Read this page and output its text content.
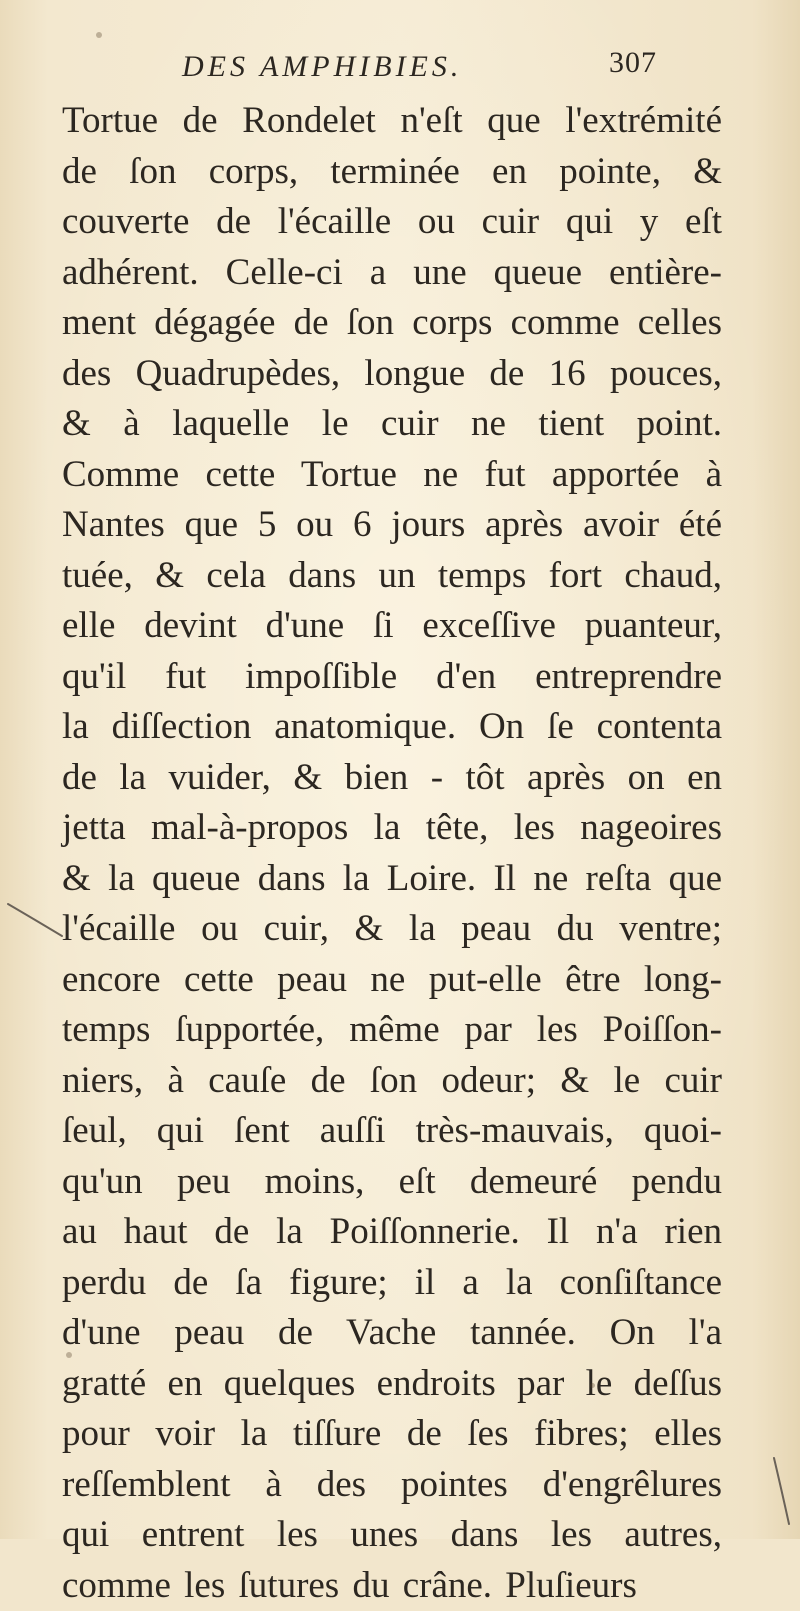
DES AMPHIBIES.	307
Tortue de Rondelet n'eſt que l'extrémité
de ſon corps, terminée en pointe, &
couverte de l'écaille ou cuir qui y eſt
adhérent. Celle-ci a une queue entière-
ment dégagée de ſon corps comme celles
des Quadrupèdes, longue de 16 pouces,
& à laquelle le cuir ne tient point.
Comme cette Tortue ne fut apportée à
Nantes que 5 ou 6 jours après avoir été
tuée, & cela dans un temps fort chaud,
elle devint d'une ſi exceſſive puanteur,
qu'il fut impoſſible d'en entreprendre
la diſſection anatomique. On ſe contenta
de la vuider, & bien - tôt après on en
jetta mal-à-propos la tête, les nageoires
& la queue dans la Loire. Il ne reſta que
l'écaille ou cuir, & la peau du ventre;
encore cette peau ne put-elle être long-
temps ſupportée, même par les Poiſſon-
niers, à cauſe de ſon odeur; & le cuir
ſeul, qui ſent auſſi très-mauvais, quoi-
qu'un peu moins, eſt demeuré pendu
au haut de la Poiſſonnerie. Il n'a rien
perdu de ſa figure; il a la conſiſtance
d'une peau de Vache tannée. On l'a
gratté en quelques endroits par le deſſus
pour voir la tiſſure de ſes fibres; elles
reſſemblent à des pointes d'engrêlures
qui entrent les unes dans les autres,
comme les ſutures du crâne. Pluſieurs
